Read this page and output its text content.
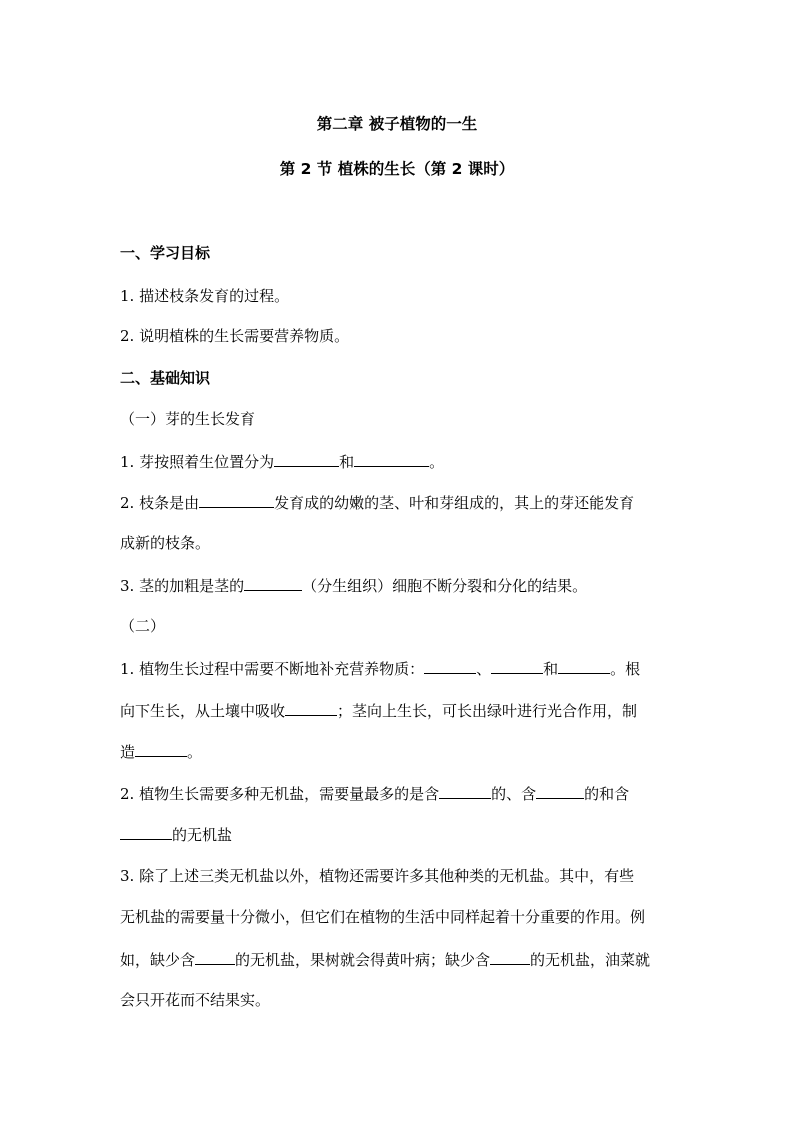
第二章 被子植物的一生
第 2 节 植株的生长（第 2 课时）
一、学习目标
1. 描述枝条发育的过程。
2. 说明植株的生长需要营养物质。
二、基础知识
（一）芽的生长发育
1. 芽按照着生位置分为	和	。
2. 枝条是由	发育成的幼嫩的茎、叶和芽组成的，其上的芽还能发育
成新的枝条。
3. 茎的加粗是茎的	（分生组织）细胞不断分裂和分化的结果。
（二）
1. 植物生长过程中需要不断地补充营养物质：	、	和	。根
向下生长，从土壤中吸收	；茎向上生长，可长出绿叶进行光合作用，制
造	。
2. 植物生长需要多种无机盐，需要量最多的是含	的、含	的和含
的无机盐
3. 除了上述三类无机盐以外，植物还需要许多其他种类的无机盐。其中，有些
无机盐的需要量十分微小，但它们在植物的生活中同样起着十分重要的作用。例
如，缺少含	的无机盐，果树就会得黄叶病；缺少含	的无机盐，油菜就
会只开花而不结果实。
